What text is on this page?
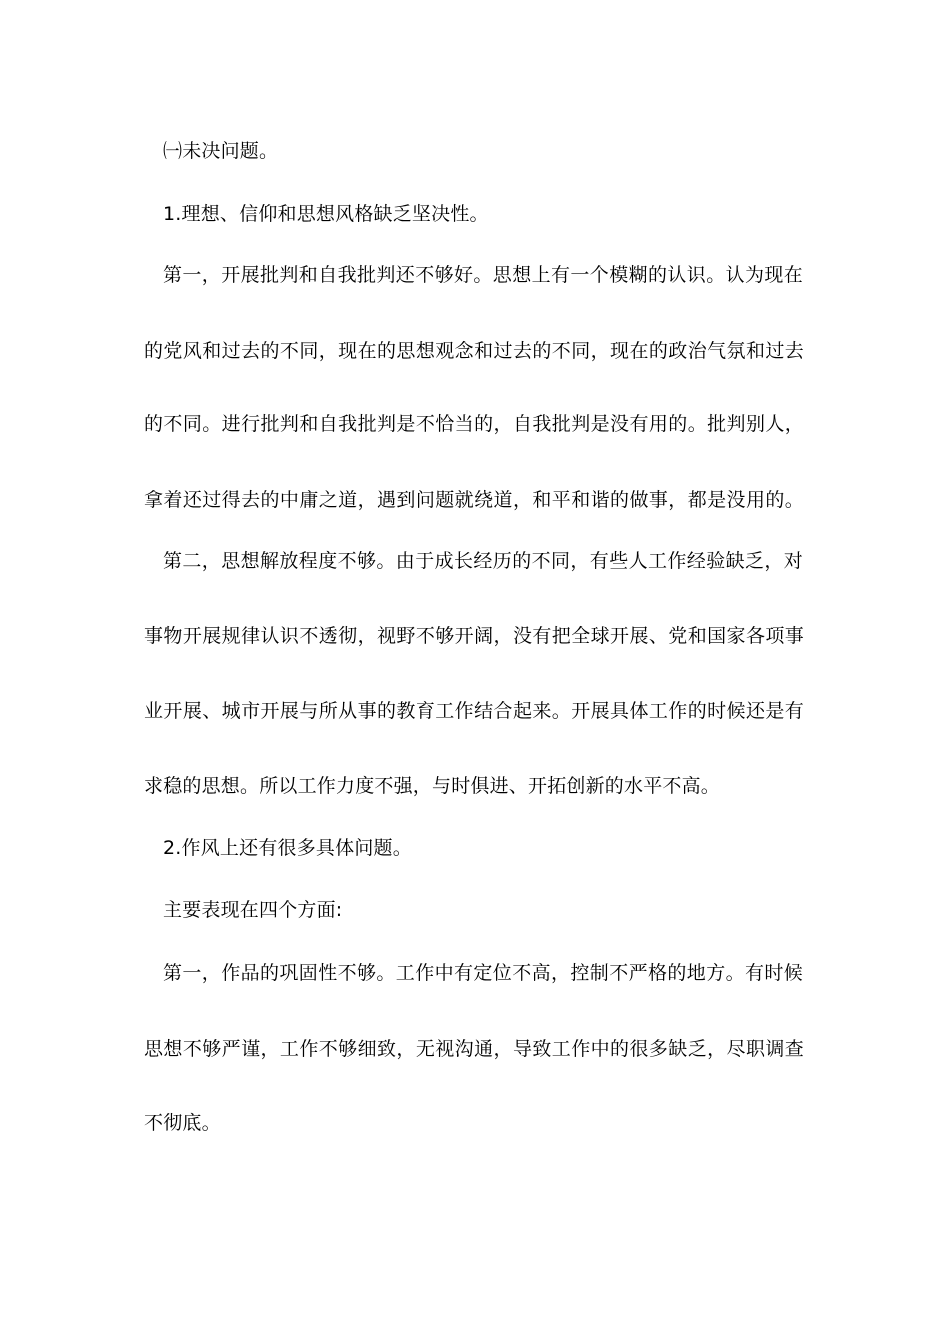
㈠未决问题。
1.理想、信仰和思想风格缺乏坚决性。
第一，开展批判和自我批判还不够好。思想上有一个模糊的认识。认为现在
的党风和过去的不同，现在的思想观念和过去的不同，现在的政治气氛和过去
的不同。进行批判和自我批判是不恰当的，自我批判是没有用的。批判别人，
拿着还过得去的中庸之道，遇到问题就绕道，和平和谐的做事，都是没用的。
第二，思想解放程度不够。由于成长经历的不同，有些人工作经验缺乏，对
事物开展规律认识不透彻，视野不够开阔，没有把全球开展、党和国家各项事
业开展、城市开展与所从事的教育工作结合起来。开展具体工作的时候还是有
求稳的思想。所以工作力度不强，与时俱进、开拓创新的水平不高。
2.作风上还有很多具体问题。
主要表现在四个方面:
第一，作品的巩固性不够。工作中有定位不高，控制不严格的地方。有时候
思想不够严谨，工作不够细致，无视沟通，导致工作中的很多缺乏，尽职调查
不彻底。
